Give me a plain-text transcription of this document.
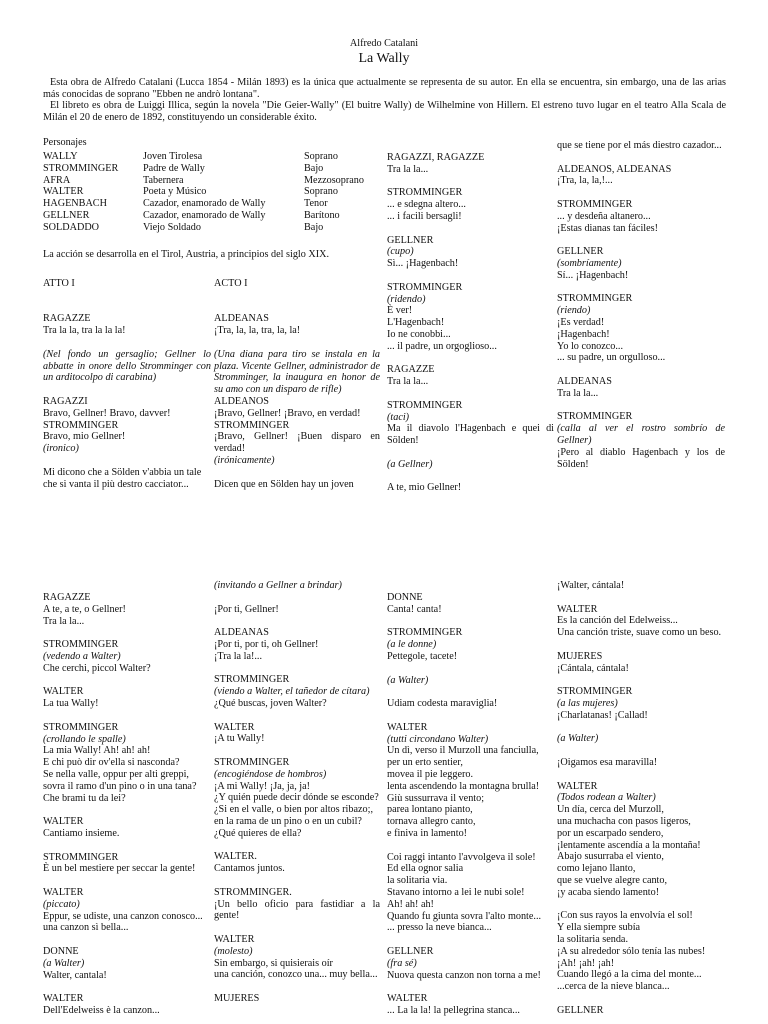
Alfredo Catalani
La Wally
Esta obra de Alfredo Catalani (Lucca 1854 - Milán 1893) es la única que actualmente se representa de su autor. En ella se encuentra, sin embargo, una de las arias más conocidas de soprano "Ebben ne andrò lontana".
El libreto es obra de Luiggi Illica, según la novela "Die Geier-Wally" (El buitre Wally) de Wilhelmine von Hillern. El estreno tuvo lugar en el teatro Alla Scala de Milán el 20 de enero de 1892, constituyendo un considerable éxito.
Personajes
WALLY	Joven Tirolesa	Soprano
STROMMINGER	Padre de Wally	Bajo
AFRA	Tabernera	Mezzosoprano
WALTER	Poeta y Músico	Soprano
HAGENBACH	Cazador, enamorado de Wally	Tenor
GELLNER	Cazador, enamorado de Wally	Barítono
SOLDADDO	Viejo Soldado	Bajo
La acción se desarrolla en el Tirol, Austria, a principios del siglo XIX.
ATTO I
RAGAZZE
Tra la la, tra la la la!
(Nel fondo un gersaglio; Gellner lo abbatte in onore dello Stromminger con un arditocolpo di carabina)
RAGAZZI
Bravo, Gellner! Bravo, davver!
STROMMINGER
Bravo, mio Gellner!
(ironico)
Mi dicono che a Sölden v'abbia un tale
che si vanta il più destro cacciator...
ACTO I
ALDEANAS
¡Tra, la, la, tra, la, la!
(Una diana para tiro se instala en la plaza. Vicente Gellner, administrador de Stromminger, la inaugura en honor de su amo con un disparo de rifle)
ALDEANOS
¡Bravo, Gellner! ¡Bravo, en verdad!
STROMMINGER
¡Bravo, Gellner! ¡Buen disparo en verdad!
(irónicamente)
Dicen que en Sölden hay un joven
RAGAZZI, RAGAZZE
Tra la la...
STROMMINGER
... e sdegna altero...
... i facili bersagli!
GELLNER
(cupo)
Sì... ¡Hagenbach!
STROMMINGER
(ridendo)
È ver!
L'Hagenbach!
Io ne conobbi...
... il padre, un orgoglioso...
RAGAZZE
Tra la la...
STROMMINGER
(taci)
Ma il diavolo l'Hagenbach e quei di Sölden!
(a Gellner)
A te, mio Gellner!
que se tiene por el más diestro cazador...
ALDEANOS, ALDEANAS
¡Tra, la, la,!...
STROMMINGER
... y desdeña altanero...
¡Estas dianas tan fáciles!
GELLNER
(sombríamente)
Sí... ¡Hagenbach!
STROMMINGER
(riendo)
¡Es verdad!
¡Hagenbach!
Yo lo conozco...
... su padre, un orgulloso...
ALDEANAS
Tra la la...
STROMMINGER
(calla al ver el rostro sombrío de Gellner)
¡Pero al diablo Hagenbach y los de Sölden!
RAGAZZE
A te, a te, o Gellner!
Tra la la...
STROMMINGER
(vedendo a Walter)
Che cerchi, piccol Walter?
WALTER
La tua Wally!
STROMMINGER
(crollando le spalle)
La mia Wally! Ah! ah! ah!
E chi può dir ov'ella si nasconda?
Se nella valle, oppur per alti greppi,
sovra il ramo d'un pino o in una tana?
Che brami tu da lei?
WALTER
Cantiamo insieme.
STROMMINGER
È un bel mestiere per seccar la gente!
WALTER
(piccato)
Eppur, se udiste, una canzon conosco...
una canzon sì bella...
DONNE
(a Walter)
Walter, cantala!
WALTER
Dell'Edelweiss è la canzon...
(invitando a Gellner a brindar)
¡Por ti, Gellner!
ALDEANAS
¡Por ti, por ti, oh Gellner!
¡Tra la la!...
STROMMINGER
(viendo a Walter, el tañedor de cítara)
¿Qué buscas, joven Walter?
WALTER
¡A tu Wally!
STROMMINGER
(encogiéndose de hombros)
¡A mi Wally! ¡Ja, ja, ja!
¿Y quién puede decir dónde se esconde?
¿Si en el valle, o bien por altos ribazo;,
en la rama de un pino o en un cubil?
¿Qué quieres de ella?
WALTER.
Cantamos juntos.
STROMMINGER.
¡Un bello oficio para fastidiar a la gente!
WALTER
(molesto)
Sin embargo, si quisierais oír
una canción, conozco una... muy bella...
MUJERES
DONNE
Canta! canta!
STROMMINGER
(a le donne)
Pettegole, tacete!
(a Walter)
Udiam codesta maraviglia!
WALTER
(tutti circondano Walter)
Un dì, verso il Murzoll una fanciulla,
per un erto sentier,
movea il pie leggero.
lenta ascendendo la montagna brulla!
Giù sussurrava il vento;
parea lontano pianto,
tornava allegro canto,
e finiva in lamento!
Coi raggi intanto l'avvolgeva il sole!
Ed ella ognor salia
la solitaria via.
Stavano intorno a lei le nubi sole!
Ah! ah! ah!
Quando fu giunta sovra l'alto monte...
... presso la neve bianca...
GELLNER
(fra sé)
Nuova questa canzon non torna a me!
WALTER
... La la la! la pellegrina stanca...
¡Walter, cántala!
WALTER
Es la canción del Edelweiss...
Una canción triste, suave como un beso.
MUJERES
¡Cántala, cántala!
STROMMINGER
(a las mujeres)
¡Charlatanas! ¡Callad!
(a Walter)
¡Oigamos esa maravilla!
WALTER
(Todos rodean a Walter)
Un día, cerca del Murzoll,
una muchacha con pasos ligeros,
por un escarpado sendero,
¡lentamente ascendía a la montaña!
Abajo susurraba el viento,
como lejano llanto,
que se vuelve alegre canto,
¡y acaba siendo lamento!
¡Con sus rayos la envolvía el sol!
Y ella siempre subía
la solitaria senda.
¡A su alrededor sólo tenía las nubes!
¡Ah! ¡ah! ¡ah!
Cuando llegó a la cima del monte...
...cerca de la nieve blanca...
GELLNER
